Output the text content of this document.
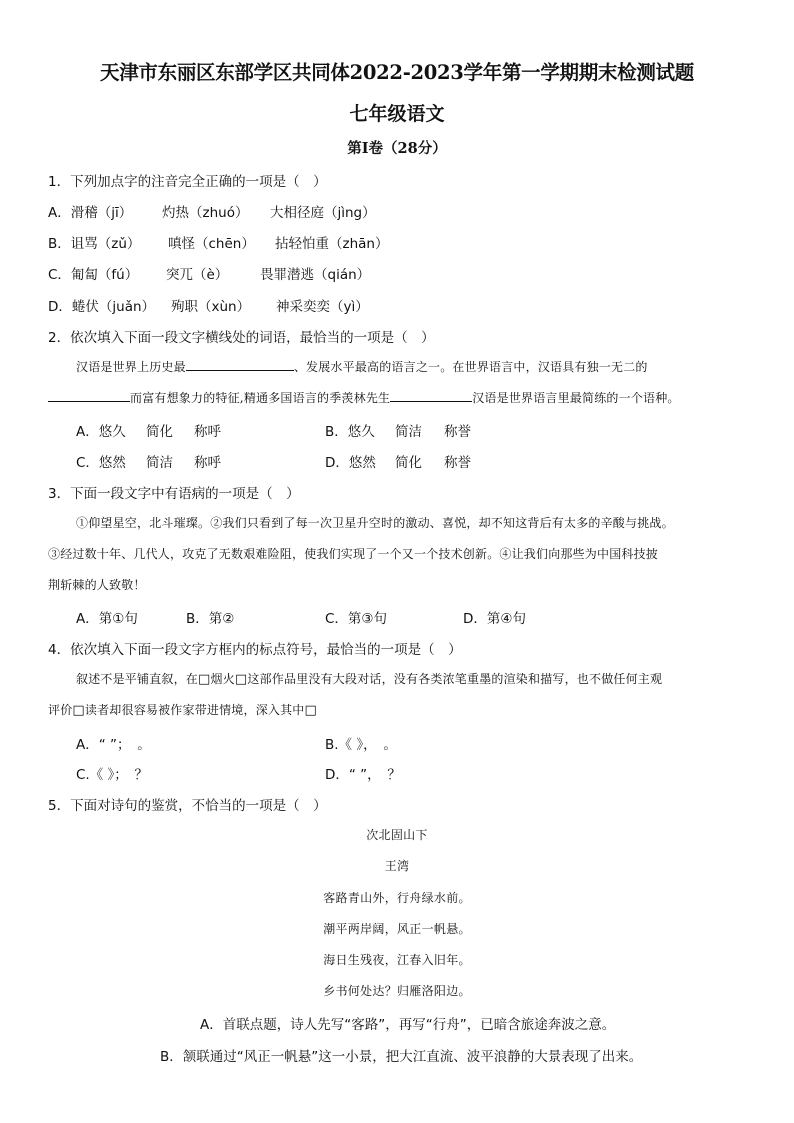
天津市东丽区东部学区共同体2022-2023学年第一学期期末检测试题
七年级语文
第I卷（28分）
1．下列加点字的注音完全正确的一项是（　）
A．滑稽（jī） 灼热（zhuó） 大相径庭（jìng）
B．诅骂（zǔ） 嗔怪（chēn） 拈轻怕重（zhān）
C．匍匐（fú） 突兀（è） 畏罪潜逃（qián）
D．蜷伏（juǎn） 殉职（xùn） 神采奕奕（yì）
2．依次填入下面一段文字横线处的词语，最恰当的一项是（　）
汉语是世界上历史最	、发展水平最高的语言之一。在世界语言中，汉语具有独一无二的
而富有想象力的特征,精通多国语言的季羡林先生	汉语是世界语言里最简练的一个语种。
A．悠久 简化 称呼	B．悠久 简洁 称誉
C．悠然 简洁 称呼	D．悠然 简化 称誉
3．下面一段文字中有语病的一项是（　）
①仰望星空，北斗璀璨。②我们只看到了每一次卫星升空时的激动、喜悦，却不知这背后有太多的辛酸与挑战。
③经过数十年、几代人，攻克了无数艰难险阻，使我们实现了一个又一个技术创新。④让我们向那些为中国科技披
荆斩棘的人致敬！
A．第①句	B．第②	C．第③句	D．第④句
4．依次填入下面一段文字方框内的标点符号，最恰当的一项是（　）
叙述不是平铺直叙，在□烟火□这部作品里没有大段对话，没有各类浓笔重墨的渲染和描写，也不做任何主观
评价□读者却很容易被作家带进情境，深入其中□
A．“ ”；　。	B.《 》，　。
C.《 》；　？	D．“ ”，　？
5．下面对诗句的鉴赏，不恰当的一项是（　）
次北固山下
王湾
客路青山外，行舟绿水前。
潮平两岸阔，风正一帆悬。
海日生残夜，江春入旧年。
乡书何处达？归雁洛阳边。
A．首联点题，诗人先写“客路”，再写“行舟”，已暗含旅途奔波之意。
B．颔联通过“风正一帆悬”这一小景，把大江直流、波平浪静的大景表现了出来。
